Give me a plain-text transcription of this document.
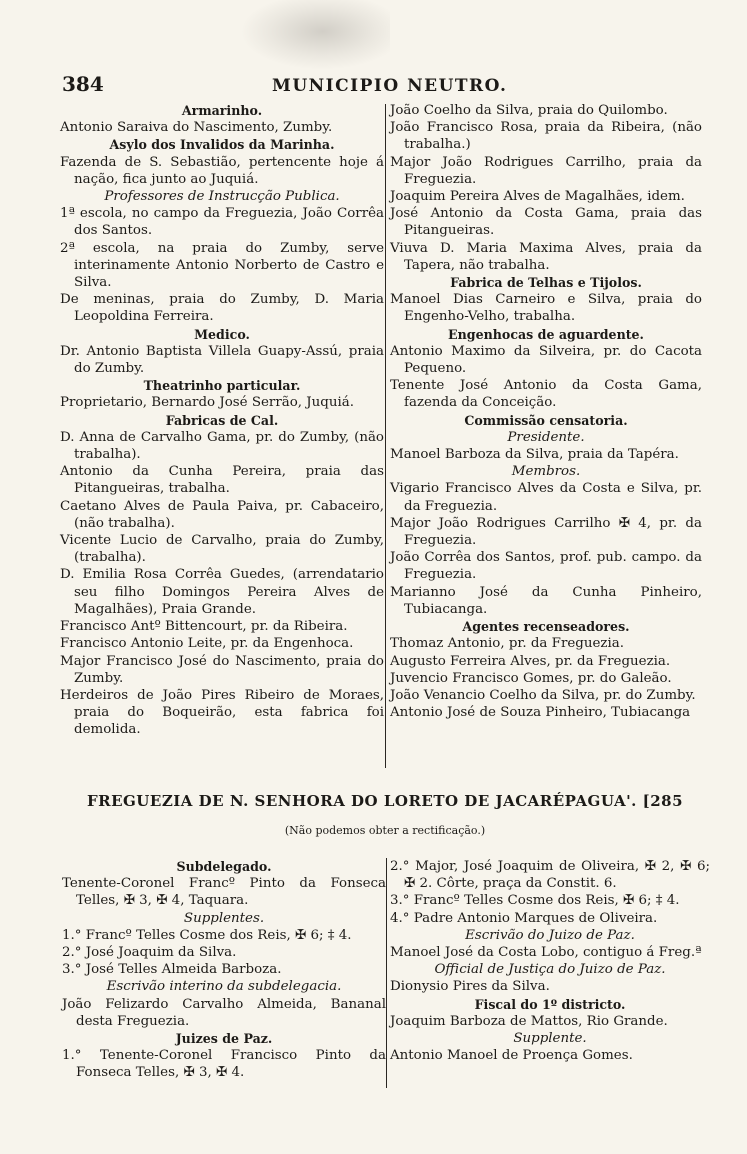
384	MUNICIPIO NEUTRO.

Armarinho.

Antonio Saraiva do Nascimento, Zumby.

Asylo dos Invalidos da Marinha.

Fazenda de S. Sebastião, pertencente hoje á nação, fica junto ao Juquiá.

Professores de Instrucção Publica.

1ª escola, no campo da Freguezia, João Corrêa dos Santos.

2ª escola, na praia do Zumby, serve interinamente Antonio Norberto de Castro e Silva.

De meninas, praia do Zumby, D. Maria Leopoldina Ferreira.

Medico.

Dr. Antonio Baptista Villela Guapy-Assú, praia do Zumby.

Theatrinho particular.

Proprietario, Bernardo José Serrão, Juquiá.

Fabricas de Cal.

D. Anna de Carvalho Gama, pr. do Zumby, (não trabalha).

Antonio da Cunha Pereira, praia das Pitangueiras, trabalha.

Caetano Alves de Paula Paiva, pr. Cabaceiro, (não trabalha).

Vicente Lucio de Carvalho, praia do Zumby, (trabalha).

D. Emilia Rosa Corrêa Guedes, (arrendatario seu filho Domingos Pereira Alves de Magalhães), Praia Grande.

Francisco Antº Bittencourt, pr. da Ribeira.

Francisco Antonio Leite, pr. da Engenhoca.

Major Francisco José do Nascimento, praia do Zumby.

Herdeiros de João Pires Ribeiro de Moraes, praia do Boqueirão, esta fabrica foi demolida.

João Coelho da Silva, praia do Quilombo.

João Francisco Rosa, praia da Ribeira, (não trabalha.)

Major João Rodrigues Carrilho, praia da Freguezia.

Joaquim Pereira Alves de Magalhães, idem.

José Antonio da Costa Gama, praia das Pitangueiras.

Viuva D. Maria Maxima Alves, praia da Tapera, não trabalha.

Fabrica de Telhas e Tijolos.

Manoel Dias Carneiro e Silva, praia do Engenho-Velho, trabalha.

Engenhocas de aguardente.

Antonio Maximo da Silveira, pr. do Cacota Pequeno.

Tenente José Antonio da Costa Gama, fazenda da Conceição.

Commissão censatoria.

Presidente.

Manoel Barboza da Silva, praia da Tapéra.

Membros.

Vigario Francisco Alves da Costa e Silva, pr. da Freguezia.

Major João Rodrigues Carrilho ✠ 4, pr. da Freguezia.

João Corrêa dos Santos, prof. pub. campo. da Freguezia.

Marianno José da Cunha Pinheiro, Tubiacanga.

Agentes recenseadores.

Thomaz Antonio, pr. da Freguezia.

Augusto Ferreira Alves, pr. da Freguezia.

Juvencio Francisco Gomes, pr. do Galeão.

João Venancio Coelho da Silva, pr. do Zumby.

Antonio José de Souza Pinheiro, Tubiacanga

FREGUEZIA DE N. SENHORA DO LORETO DE JACARÉPAGUA'. [285
(Não podemos obter a rectificação.)

Subdelegado.

Tenente-Coronel Francº Pinto da Fonseca Telles, ✠ 3, ✠ 4, Taquara.

Supplentes.

1.° Francº Telles Cosme dos Reis, ✠ 6; ‡ 4.

2.° José Joaquim da Silva.

3.° José Telles Almeida Barboza.

Escrivão interino da subdelegacia.

João Felizardo Carvalho Almeida, Bananal desta Freguezia.

Juizes de Paz.

1.° Tenente-Coronel Francisco Pinto da Fonseca Telles, ✠ 3, ✠ 4.

2.° Major, José Joaquim de Oliveira, ✠ 2, ✠ 6; ✠ 2. Côrte, praça da Constit. 6.

3.° Francº Telles Cosme dos Reis, ✠ 6; ‡ 4.

4.° Padre Antonio Marques de Oliveira.

Escrivão do Juizo de Paz.

Manoel José da Costa Lobo, contiguo á Freg.ª

Official de Justiça do Juizo de Paz.

Dionysio Pires da Silva.

Fiscal do 1º districto.

Joaquim Barboza de Mattos, Rio Grande.

Supplente.

Antonio Manoel de Proença Gomes.
